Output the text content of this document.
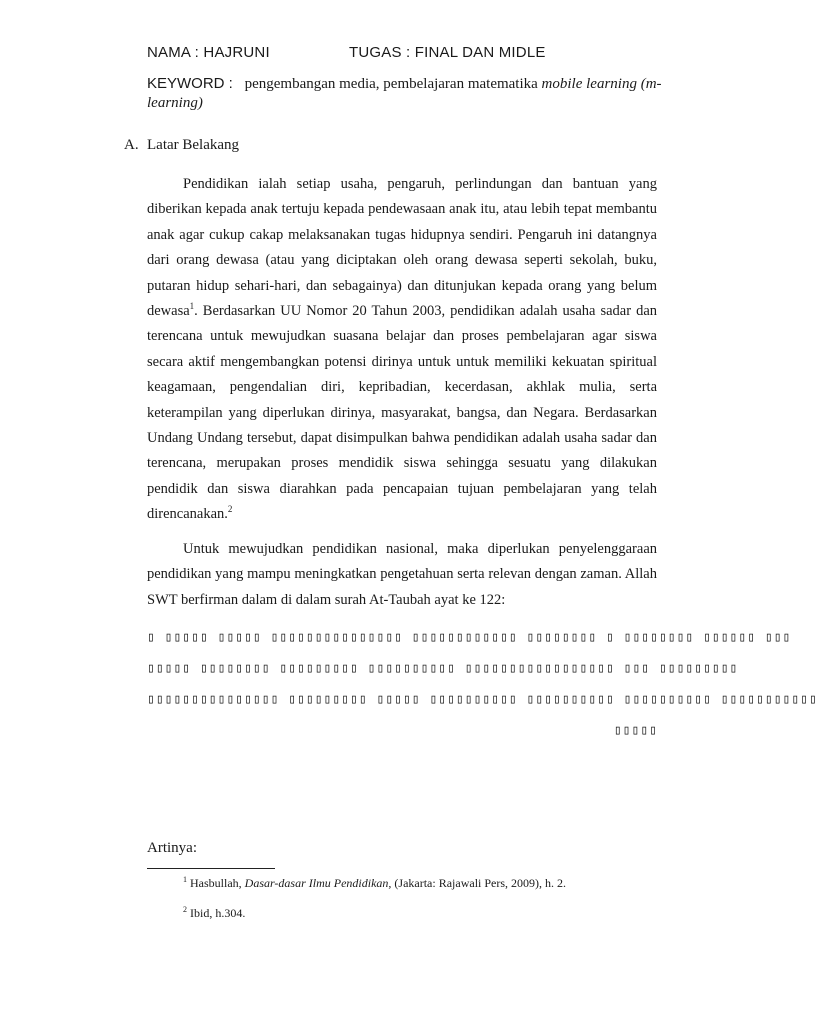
NAMA : HAJRUNI	TUGAS : FINAL DAN MIDLE
KEYWORD : pengembangan media, pembelajaran matematika mobile learning (m-learning)
A. Latar Belakang
Pendidikan ialah setiap usaha, pengaruh, perlindungan dan bantuan yang diberikan kepada anak tertuju kepada pendewasaan anak itu, atau lebih tepat membantu anak agar cukup cakap melaksanakan tugas hidupnya sendiri. Pengaruh ini datangnya dari orang dewasa (atau yang diciptakan oleh orang dewasa seperti sekolah, buku, putaran hidup sehari-hari, dan sebagainya) dan ditunjukan kepada orang yang belum dewasa$^1$. Berdasarkan UU Nomor 20 Tahun 2003, pendidikan adalah usaha sadar dan terencana untuk mewujudkan suasana belajar dan proses pembelajaran agar siswa secara aktif mengembangkan potensi dirinya untuk untuk memiliki kekuatan spiritual keagamaan, pengendalian diri, kepribadian, kecerdasan, akhlak mulia, serta keterampilan yang diperlukan dirinya, masyarakat, bangsa, dan Negara. Berdasarkan Undang Undang tersebut, dapat disimpulkan bahwa pendidikan adalah usaha sadar dan terencana, merupakan proses mendidik siswa sehingga sesuatu yang dilakukan pendidik dan siswa diarahkan pada pencapaian tujuan pembelajaran yang telah direncanakan.$^2$
Untuk mewujudkan pendidikan nasional, maka diperlukan penyelenggaraan pendidikan yang mampu meningkatkan pengetahuan serta relevan dengan zaman. Allah SWT berfirman dalam di dalam surah At-Taubah ayat ke 122:
▯ ▯▯▯▯▯ ▯▯▯▯▯ ▯▯▯▯▯▯▯▯▯▯▯▯▯▯▯ ▯▯▯▯▯▯▯▯▯▯▯▯ ▯▯▯▯▯▯▯▯ ▯ ▯▯▯▯▯▯▯▯ ▯▯▯▯▯▯ ▯▯▯
▯▯▯▯▯ ▯▯▯▯▯▯▯▯ ▯▯▯▯▯▯▯▯▯ ▯▯▯▯▯▯▯▯▯▯ ▯▯▯▯▯▯▯▯▯▯▯▯▯▯▯▯▯ ▯▯▯ ▯▯▯▯▯▯▯▯▯
▯▯▯▯▯▯▯▯▯▯▯▯▯▯▯ ▯▯▯▯▯▯▯▯▯ ▯▯▯▯▯ ▯▯▯▯▯▯▯▯▯▯ ▯▯▯▯▯▯▯▯▯▯ ▯▯▯▯▯▯▯▯▯▯ ▯▯▯▯▯▯▯▯▯▯▯
▯▯▯▯▯
Artinya:
$^1$ Hasbullah, Dasar-dasar Ilmu Pendidikan, (Jakarta: Rajawali Pers, 2009), h. 2.
$^2$ Ibid, h.304.
